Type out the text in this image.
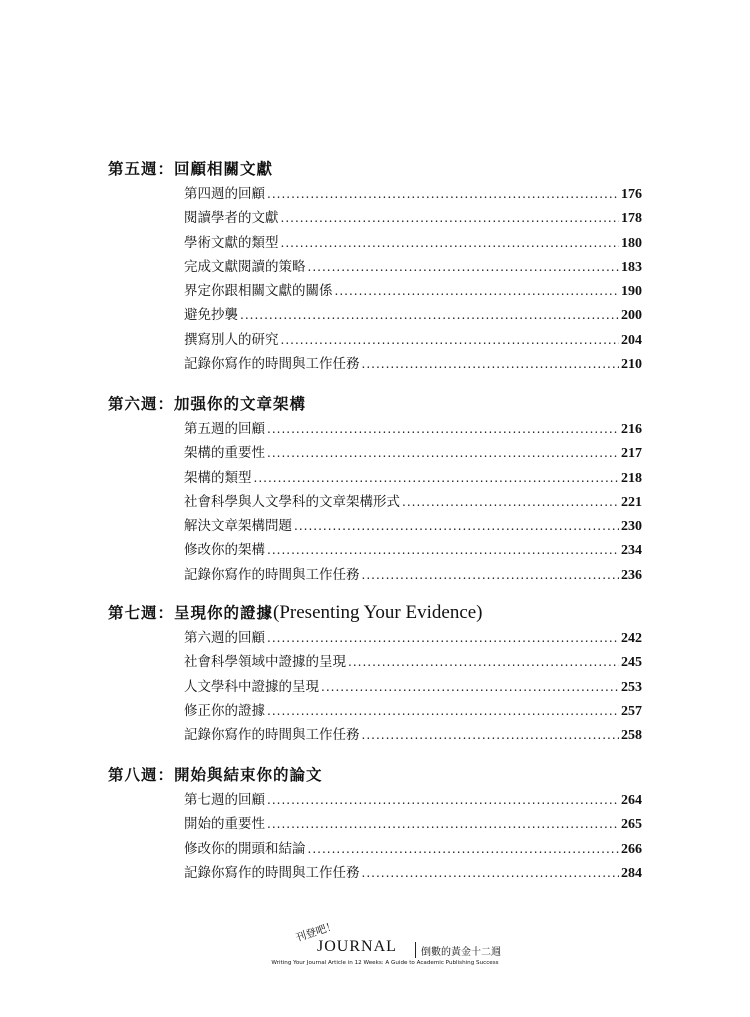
第五週：回顧相關文獻
第四週的回顧 .....	176
閱讀學者的文獻 .....	178
學術文獻的類型 .....	180
完成文獻閱讀的策略 .....	183
界定你跟相關文獻的關係 .....	190
避免抄襲 .....	200
撰寫別人的研究 .....	204
記錄你寫作的時間與工作任務 .....	210
第六週：加强你的文章架構
第五週的回顧 .....	216
架構的重要性 .....	217
架構的類型 .....	218
社會科學與人文學科的文章架構形式 .....	221
解決文章架構問題 .....	230
修改你的架構 .....	234
記錄你寫作的時間與工作任務 .....	236
第七週：呈現你的證據(Presenting Your Evidence)
第六週的回顧 .....	242
社會科學領域中證據的呈現 .....	245
人文學科中證據的呈現 .....	253
修正你的證據 .....	257
記錄你寫作的時間與工作任務 .....	258
第八週：開始與結束你的論文
第七週的回顧 .....	264
開始的重要性 .....	265
修改你的開頭和結論 .....	266
記錄你寫作的時間與工作任務 .....	284
刊登吧！
JOURNAL 倒數的黃金十二週
Writing Your Journal Article in 12 Weeks: A Guide to Academic Publishing Success
